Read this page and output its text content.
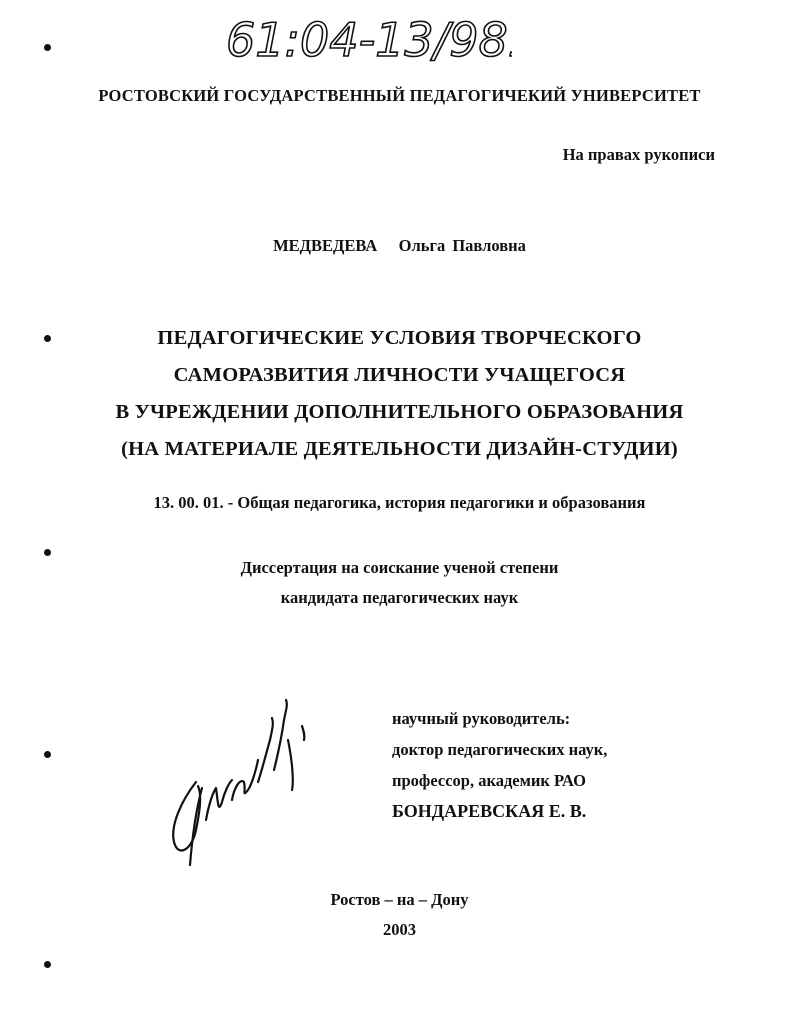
61:04-13/981
РОСТОВСКИЙ ГОСУДАРСТВЕННЫЙ ПЕДАГОГИЧЕКИЙ УНИВЕРСИТЕТ
На правах рукописи
МЕДВЕДЕВА Ольга Павловна
ПЕДАГОГИЧЕСКИЕ УСЛОВИЯ ТВОРЧЕСКОГО
САМОРАЗВИТИЯ ЛИЧНОСТИ УЧАЩЕГОСЯ
В УЧРЕЖДЕНИИ ДОПОЛНИТЕЛЬНОГО ОБРАЗОВАНИЯ
(НА МАТЕРИАЛЕ ДЕЯТЕЛЬНОСТИ ДИЗАЙН-СТУДИИ)
13. 00. 01. - Общая педагогика, история педагогики и образования
Диссертация на соискание ученой степени
кандидата педагогических наук
научный руководитель:
доктор педагогических наук,
профессор, академик РАО
БОНДАРЕВСКАЯ Е. В.
Ростов – на – Дону
2003
